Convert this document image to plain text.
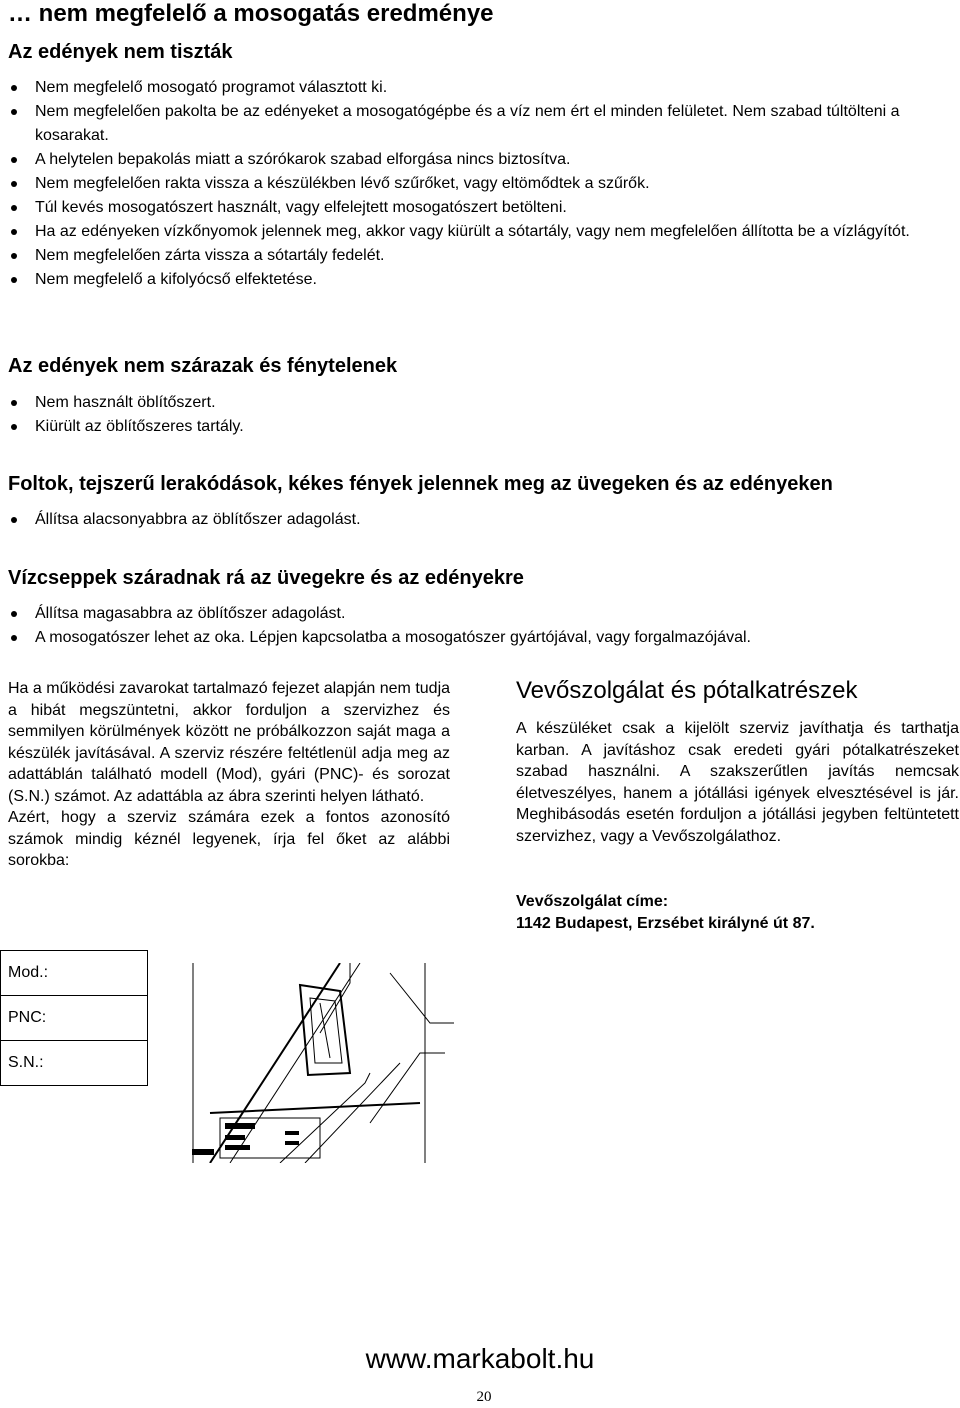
… nem megfelelő a mosogatás eredménye
Az edények nem tiszták
Nem megfelelő mosogató programot választott ki.
Nem megfelelően pakolta be az edényeket a mosogatógépbe és a víz nem ért el minden felületet. Nem szabad túltölteni a kosarakat.
A helytelen bepakolás miatt a szórókarok szabad elforgása nincs biztosítva.
Nem megfelelően rakta vissza a készülékben lévő szűrőket, vagy eltömődtek a szűrők.
Túl kevés mosogatószert használt, vagy elfelejtett mosogatószert betölteni.
Ha az edényeken vízkőnyomok jelennek meg, akkor vagy kiürült a sótartály, vagy nem megfelelően állította be a vízlágyítót.
Nem megfelelően zárta vissza a sótartály fedelét.
Nem megfelelő a kifolyócső elfektetése.
Az edények nem szárazak és fénytelenek
Nem használt öblítőszert.
Kiürült az öblítőszeres tartály.
Foltok, tejszerű lerakódások, kékes fények jelennek meg az üvegeken és az edényeken
Állítsa alacsonyabbra az öblítőszer adagolást.
Vízcseppek száradnak rá az üvegekre és az edényekre
Állítsa magasabbra az öblítőszer adagolást.
A mosogatószer lehet az oka. Lépjen kapcsolatba a mosogatószer gyártójával, vagy forgalmazójával.

Ha a működési zavarokat tartalmazó fejezet alapján nem tudja a hibát megszüntetni, akkor forduljon a szervizhez és semmilyen körülmények között ne próbálkozzon saját maga a készülék javításával. A szerviz részére feltétlenül adja meg az adattáblán található modell (Mod), gyári (PNC)- és sorozat (S.N.) számot. Az adattábla az ábra szerinti helyen látható.

Azért, hogy a szerviz számára ezek a fontos azonosító számok mindig kéznél legyenek, írja fel őket az alábbi sorokba:

Vevőszolgálat és pótalkatrészek

A készüléket csak a kijelölt szerviz javíthatja és tarthatja karban. A javításhoz csak eredeti gyári pótalkatrészeket szabad használni. A szakszerűtlen javítás nemcsak életveszélyes, hanem a jótállási igények elvesztésével is jár. Meghibásodás esetén forduljon a jótállási jegyben feltüntetett szervizhez, vagy a Vevőszolgálathoz.

Vevőszolgálat címe:
1142 Budapest, Erzsébet királyné út 87.
Mod.:
PNC:
S.N.:
www.markabolt.hu
20
